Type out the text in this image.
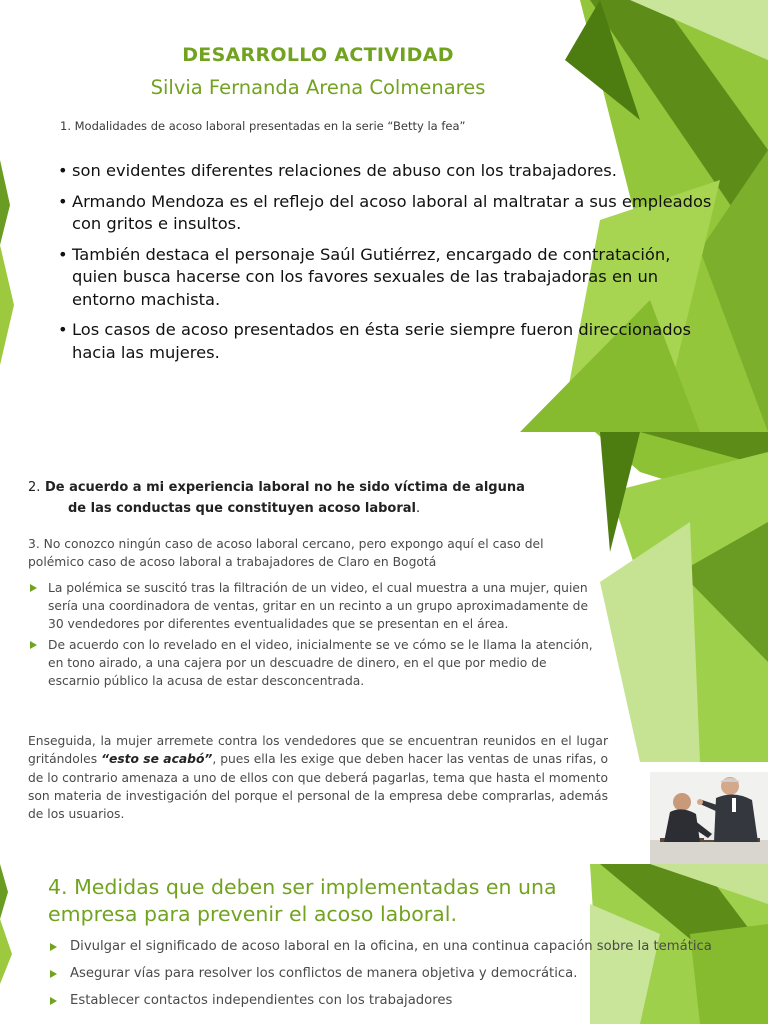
DESARROLLO ACTIVIDAD
Silvia Fernanda Arena Colmenares
1. Modalidades de acoso laboral presentadas en la serie “Betty la fea”
• son evidentes diferentes relaciones de abuso con los trabajadores.
• Armando Mendoza es el reflejo del acoso laboral al maltratar a sus empleados con gritos e insultos.
• También destaca el personaje Saúl Gutiérrez, encargado de contratación, quien busca hacerse con los favores sexuales de las trabajadoras en un entorno machista.
• Los casos de acoso presentados en ésta serie siempre fueron direccionados hacia las mujeres.
2. De acuerdo a mi experiencia laboral no he sido víctima de alguna
de las conductas que constituyen acoso laboral.
3. No conozco ningún caso de acoso laboral cercano, pero expongo aquí el caso del polémico caso de acoso laboral a trabajadores de Claro en Bogotá
La polémica se suscitó tras la filtración de un video, el cual muestra a una mujer, quien sería una coordinadora de ventas, gritar en un recinto a un grupo aproximadamente de 30 vendedores por diferentes eventualidades que se presentan en el área.
De acuerdo con lo revelado en el video, inicialmente se ve cómo se le llama la atención, en tono airado, a una cajera por un descuadre de dinero, en el que por medio de escarnio público la acusa de estar desconcentrada.
Enseguida, la mujer arremete contra los vendedores que se encuentran reunidos en el lugar gritándoles “esto se acabó”, pues ella les exige que deben hacer las ventas de unas rifas, o de lo contrario amenaza a uno de ellos con que deberá pagarlas, tema que hasta el momento son materia de investigación del porque el personal de la empresa debe comprarlas, además de los usuarios.
4. Medidas que deben ser implementadas en una empresa para prevenir el acoso laboral.
Divulgar el significado de acoso laboral en la oficina, en una continua capación sobre la temática
Asegurar vías para resolver los conflictos de manera objetiva y democrática.
Establecer contactos independientes con los trabajadores
